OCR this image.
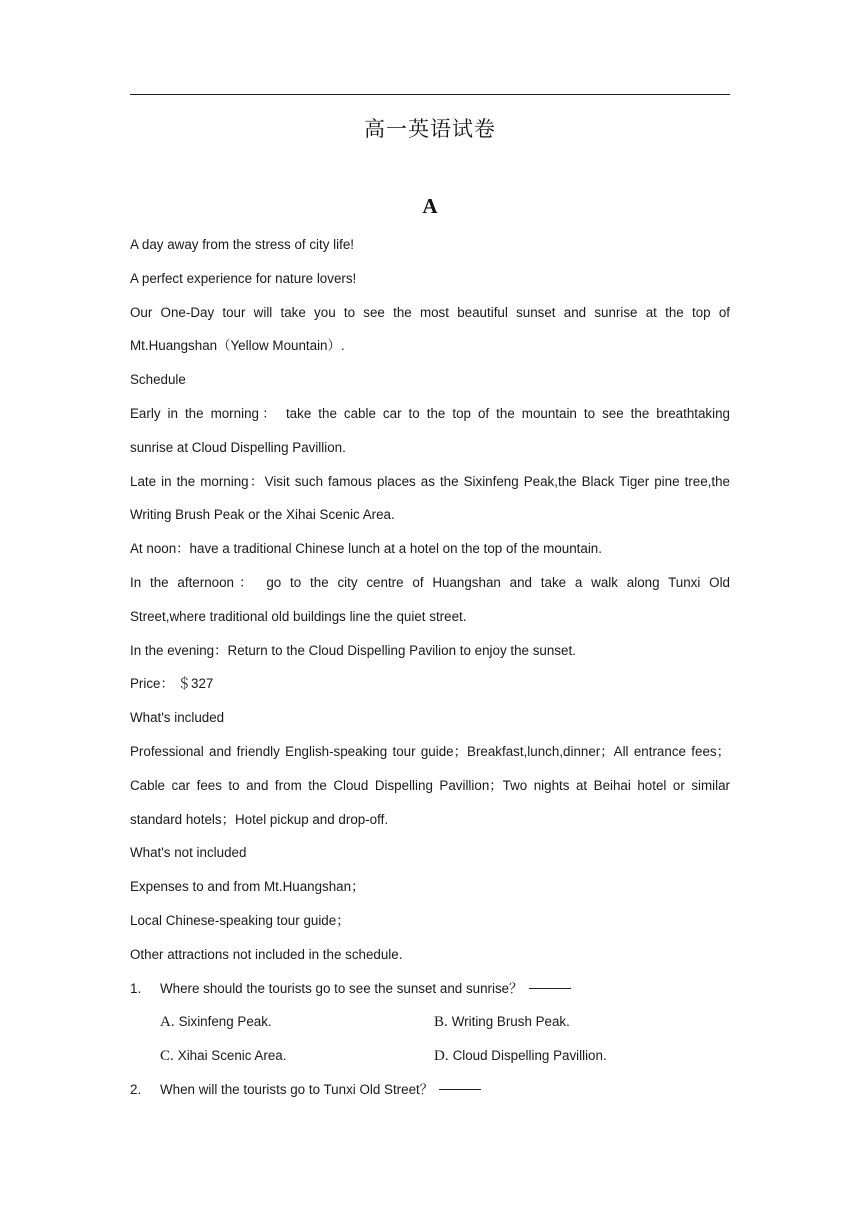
高一英语试卷
A
A day away from the stress of city life!
A perfect experience for nature lovers!
Our One-Day tour will take you to see the most beautiful sunset and sunrise at the top of
Mt.Huangshan（Yellow Mountain）.
Schedule
Early in the morning： take the cable car to the top of the mountain to see the breathtaking
sunrise at Cloud Dispelling Pavillion.
Late in the morning：Visit such famous places as the Sixinfeng Peak,the Black Tiger pine tree,the
Writing Brush Peak or the Xihai Scenic Area.
At noon：have a traditional Chinese lunch at a hotel on the top of the mountain.
In the afternoon： go to the city centre of Huangshan and take a walk along Tunxi Old
Street,where traditional old buildings line the quiet street.
In the evening：Return to the Cloud Dispelling Pavilion to enjoy the sunset.
Price： ＄327
What's included
Professional and friendly English-speaking tour guide；Breakfast,lunch,dinner；All entrance fees；
Cable car fees to and from the Cloud Dispelling Pavillion；Two nights at Beihai hotel or similar
standard hotels；Hotel pickup and drop-off.
What's not included
Expenses to and from Mt.Huangshan；
Local Chinese-speaking tour guide；
Other attractions not included in the schedule.
1.	Where should the tourists go to see the sunset and sunrise？
A. Sixinfeng Peak.	B. Writing Brush Peak.
C. Xihai Scenic Area.	D. Cloud Dispelling Pavillion.
2.	When will the tourists go to Tunxi Old Street？
